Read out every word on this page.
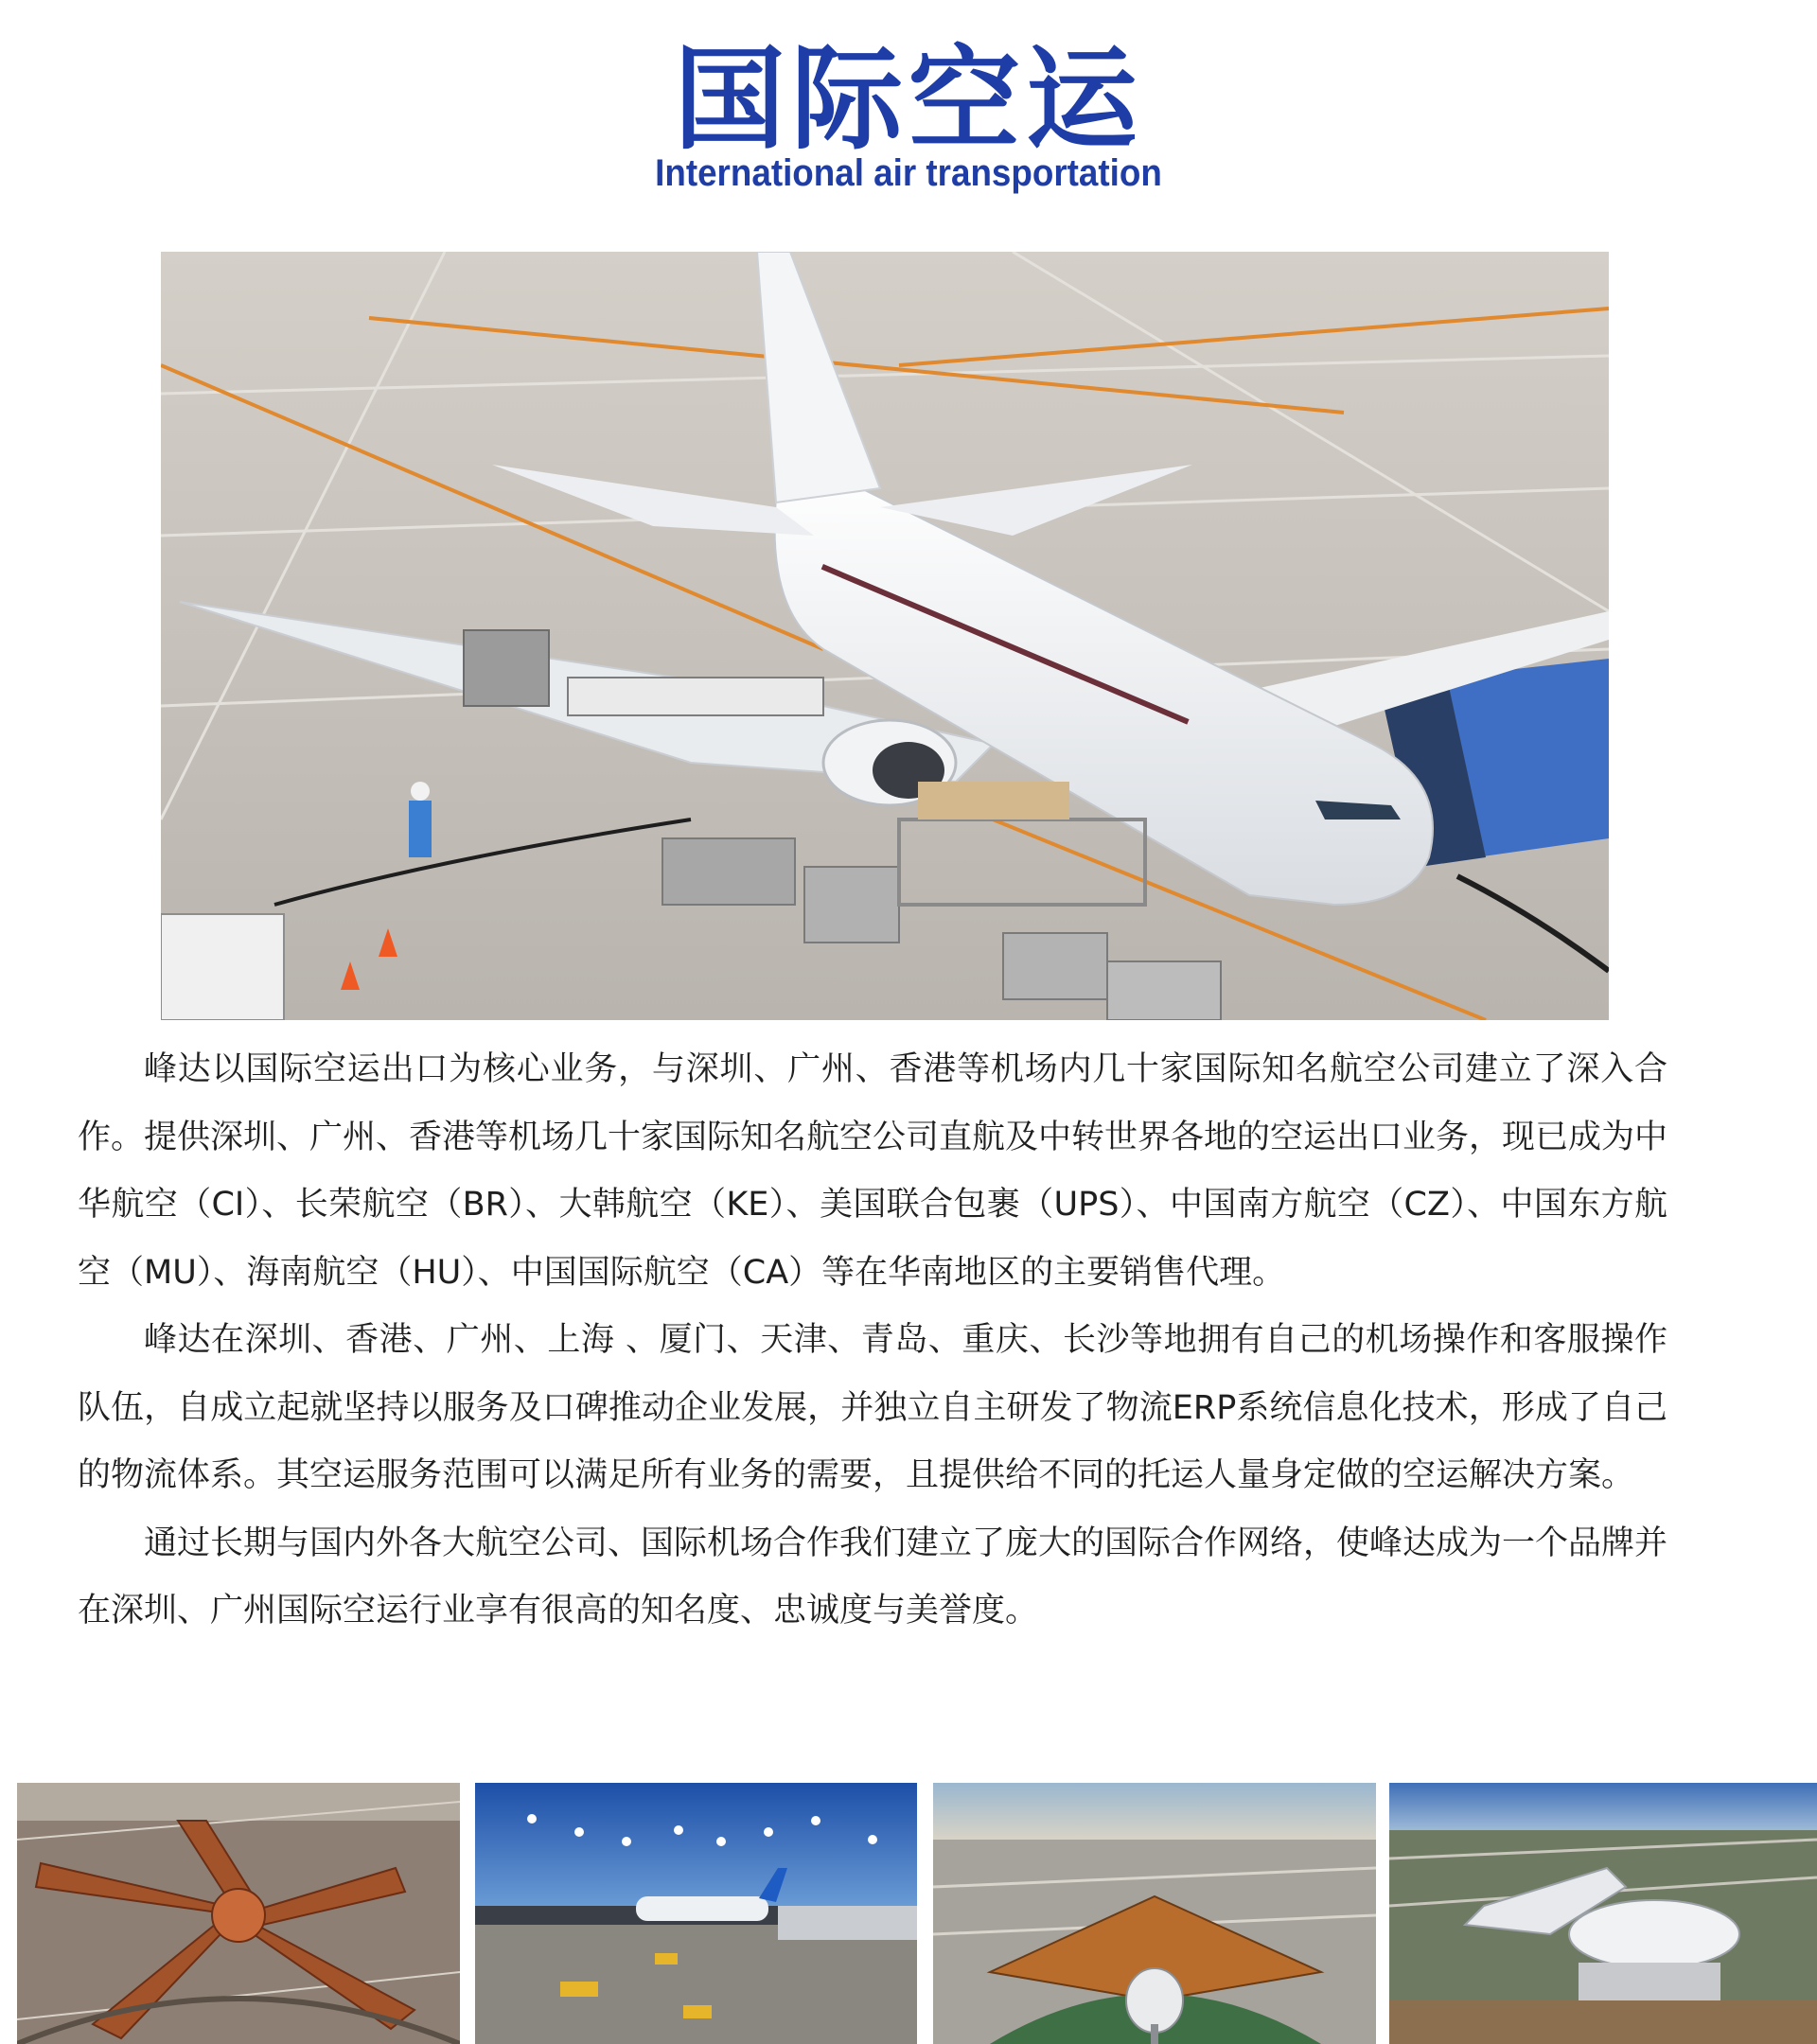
国际空运
International air transportation

峰达以国际空运出口为核心业务，与深圳、广州、香港等机场内几十家国际知名航空公司建立了深入合作。提供深圳、广州、香港等机场几十家国际知名航空公司直航及中转世界各地的空运出口业务，现已成为中华航空（CI）、长荣航空（BR）、大韩航空（KE）、美国联合包裹（UPS）、中国南方航空（CZ）、中国东方航空（MU）、海南航空（HU）、中国国际航空（CA）等在华南地区的主要销售代理。

峰达在深圳、香港、广州、上海 、厦门、天津、青岛、重庆、长沙等地拥有自己的机场操作和客服操作队伍，自成立起就坚持以服务及口碑推动企业发展，并独立自主研发了物流ERP系统信息化技术，形成了自己的物流体系。其空运服务范围可以满足所有业务的需要，且提供给不同的托运人量身定做的空运解决方案。

通过长期与国内外各大航空公司、国际机场合作我们建立了庞大的国际合作网络，使峰达成为一个品牌并在深圳、广州国际空运行业享有很高的知名度、忠诚度与美誉度。
